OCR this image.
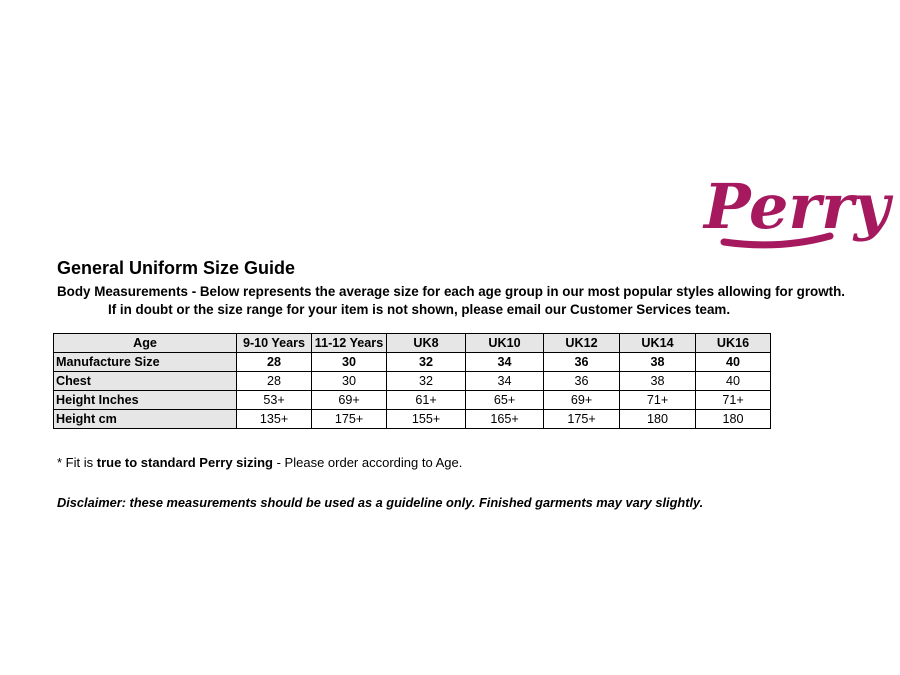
Perry
General Uniform Size Guide
Body Measurements - Below represents the average size for each age group in our most popular styles allowing for growth.
If in doubt or the size range for your item is not shown, please email our Customer Services team.
Age	9-10 Years	11-12 Years	UK8	UK10	UK12	UK14	UK16
Manufacture Size	28	30	32	34	36	38	40
Chest	28	30	32	34	36	38	40
Height Inches	53+	69+	61+	65+	69+	71+	71+
Height cm	135+	175+	155+	165+	175+	180	180
* Fit is true to standard Perry sizing - Please order according to Age.
Disclaimer: these measurements should be used as a guideline only. Finished garments may vary slightly.
